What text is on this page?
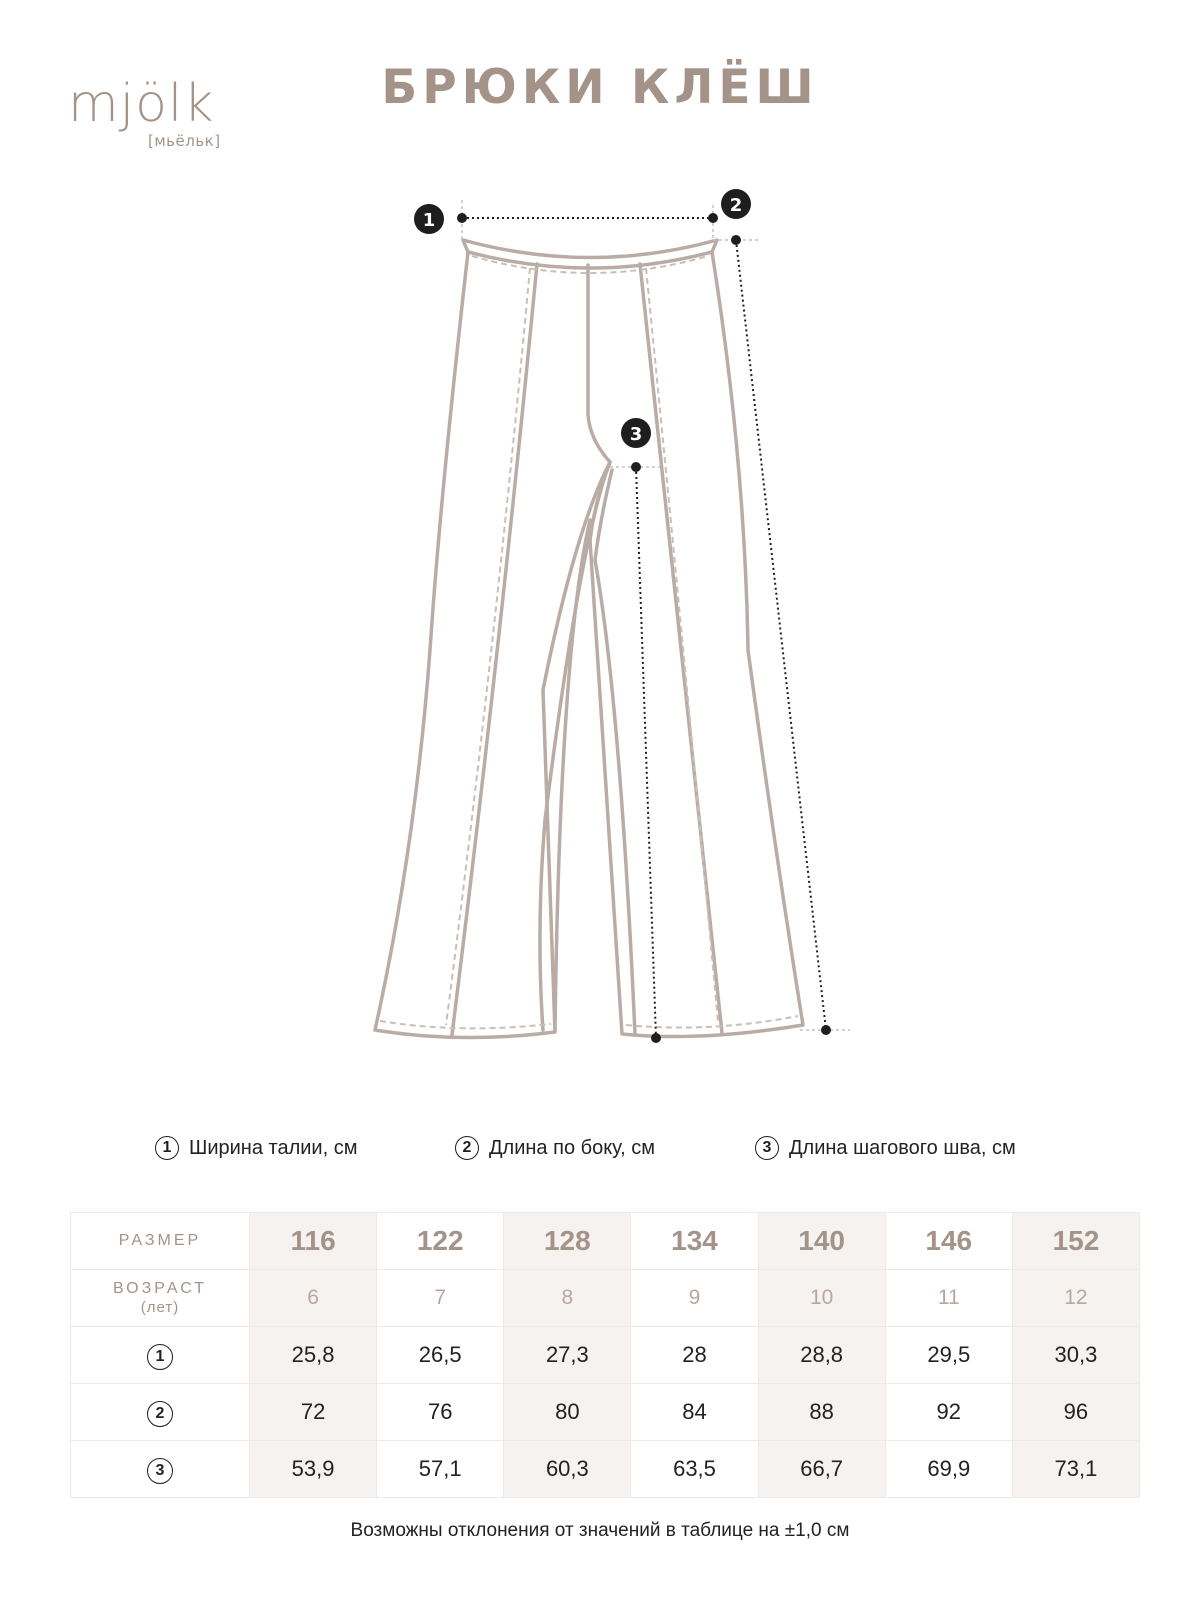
mjölk
[мьёльк]
БРЮКИ КЛЁШ
1
2
3
1 Ширина талии, см	2 Длина по боку, см	3 Длина шагового шва, см
РАЗМЕР	116	122	128	134	140	146	152
ВОЗРАСТ
(лет)	6	7	8	9	10	11	12
1	25,8	26,5	27,3	28	28,8	29,5	30,3
2	72	76	80	84	88	92	96
3	53,9	57,1	60,3	63,5	66,7	69,9	73,1
Возможны отклонения от значений в таблице на ±1,0 см
